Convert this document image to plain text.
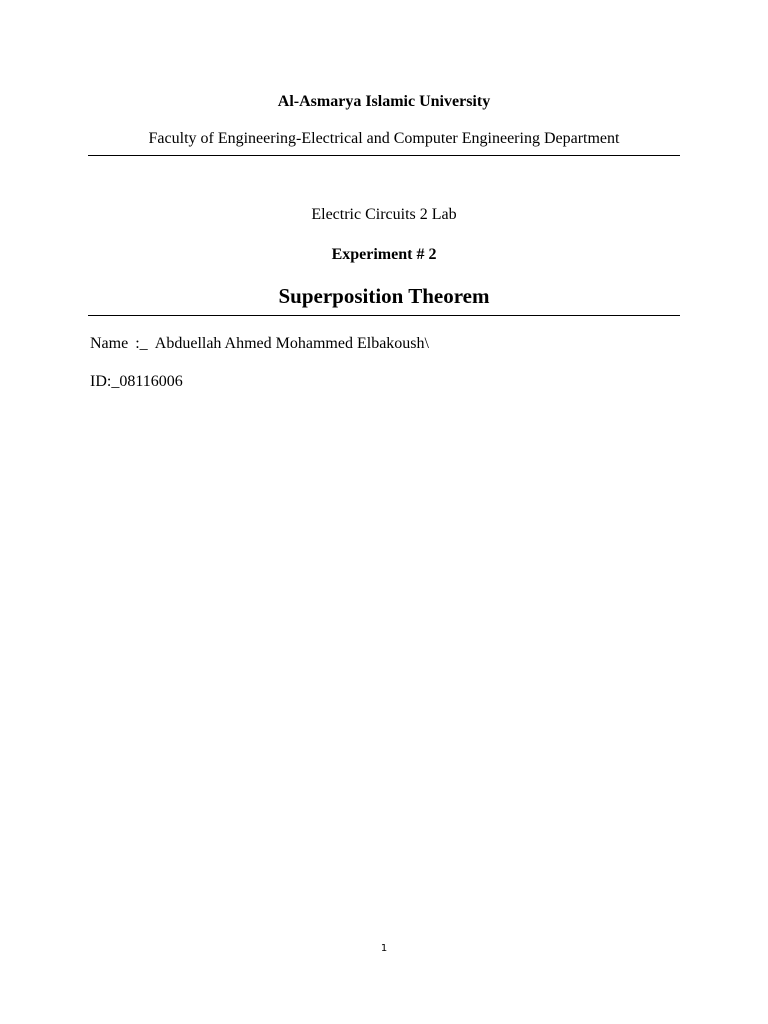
Al-Asmarya Islamic University
Faculty of Engineering-Electrical and Computer Engineering Department
Electric Circuits 2 Lab
Experiment # 2
Superposition Theorem
Name :_ Abduellah Ahmed Mohammed Elbakoush\
ID:_08116006
1
